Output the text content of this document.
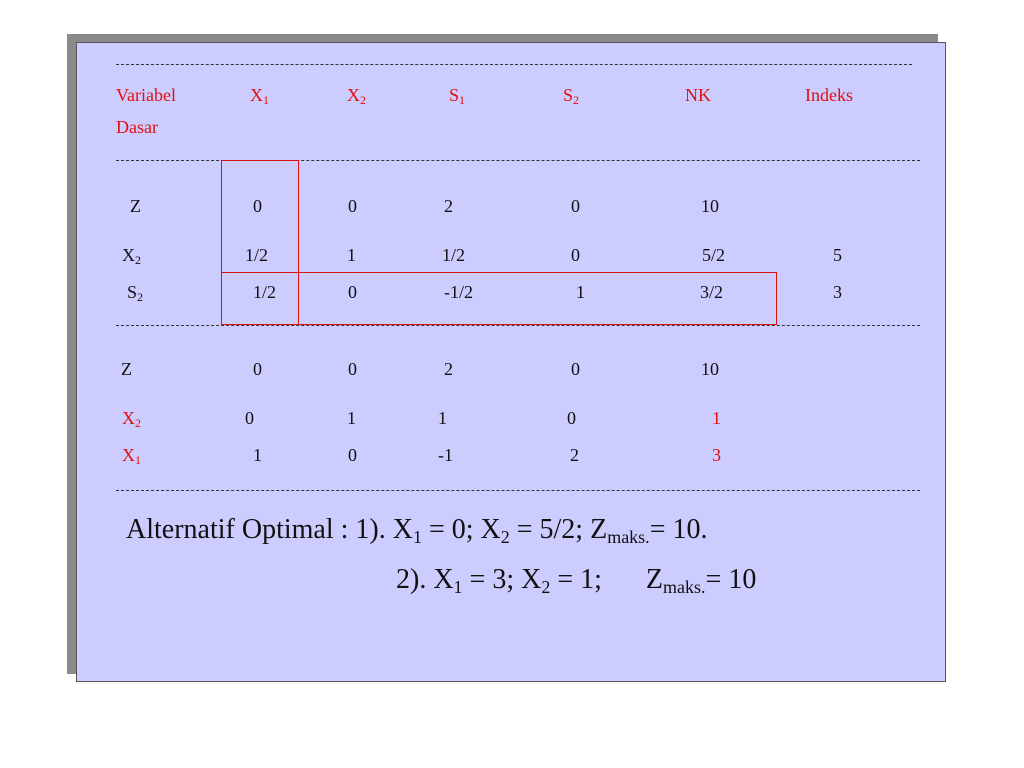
Variabel
Dasar
$X_1$	$X_2$	$S_1$	$S_2$	NK	Indeks
Z	0	0	2	0	10
$X_2$	1/2	1	1/2	0	5/2	5
$S_2$	1/2	0	-1/2	1	3/2	3
Z	0	0	2	0	10
$X_2$	0	1	1	0	1
$X_1$	1	0	-1	2	3
Alternatif Optimal : 1). $X_1 = 0$; $X_2 = 5/2$; $Z_{maks.}= 10$.
2). $X_1 = 3$; $X_2 = 1$; $Z_{maks.}= 10$
